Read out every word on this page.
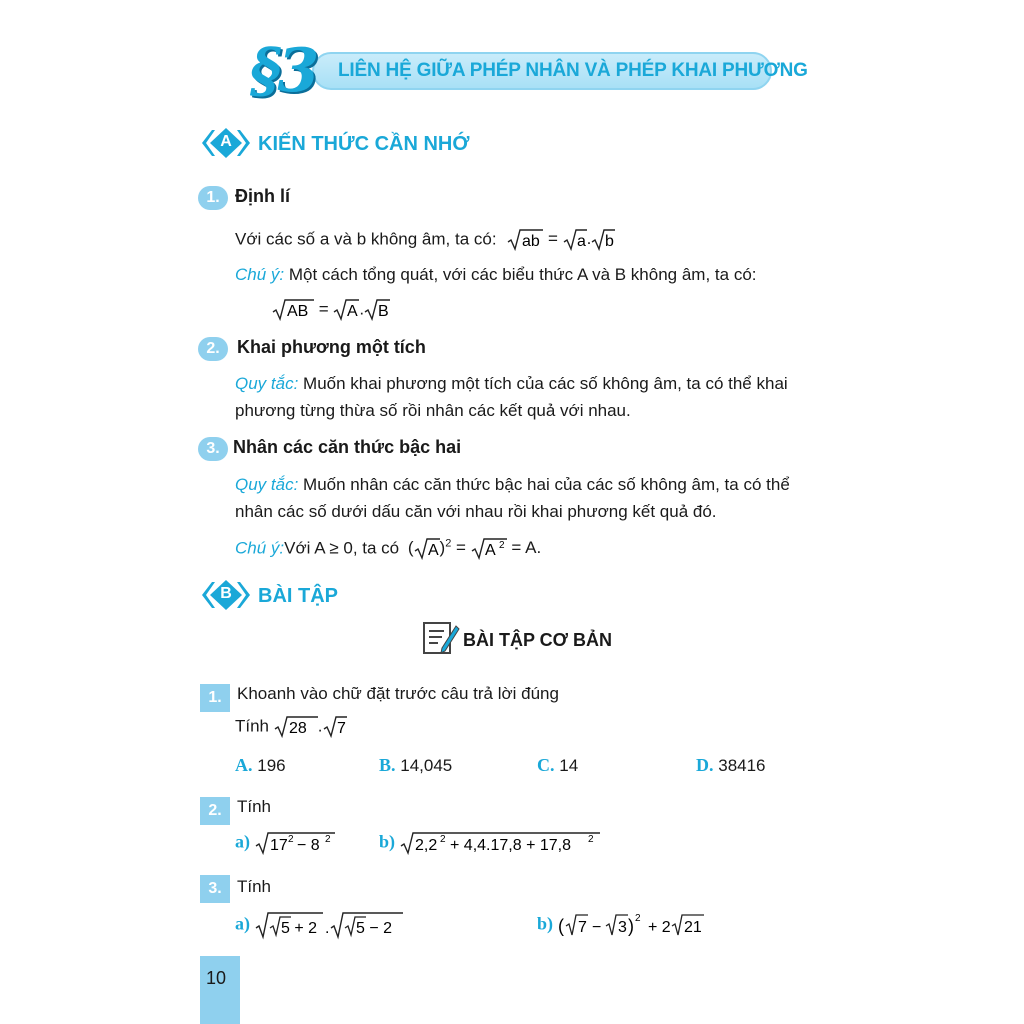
§3 LIÊN HỆ GIỮA PHÉP NHÂN VÀ PHÉP KHAI PHƯƠNG
A KIẾN THỨC CẦN NHỚ
1. Định lí
Với các số a và b không âm, ta có: ab = a . b
Chú ý: Một cách tổng quát, với các biểu thức A và B không âm, ta có:
AB = A . B
2. Khai phương một tích
Quy tắc: Muốn khai phương một tích của các số không âm, ta có thể khai
phương từng thừa số rồi nhân các kết quả với nhau.
3. Nhân các căn thức bậc hai
Quy tắc: Muốn nhân các căn thức bậc hai của các số không âm, ta có thể
nhân các số dưới dấu căn với nhau rồi khai phương kết quả đó.
Chú ý:Với A ≥ 0, ta có ( A )$^2$ = A 2 = A.
B BÀI TẬP
BÀI TẬP CƠ BẢN
1. Khoanh vào chữ đặt trước câu trả lời đúng
Tính 28 . 7
A. 196	B. 14,045	C. 14	D. 38416
2. Tính
a) 17 2 − 8 2	b) 2,2 2 + 4,4.17,8 + 17,8 2
3. Tính
a) 5 + 2 . 5 − 2	b) ( 7 − 3 ) 2
+ 2 21
10
